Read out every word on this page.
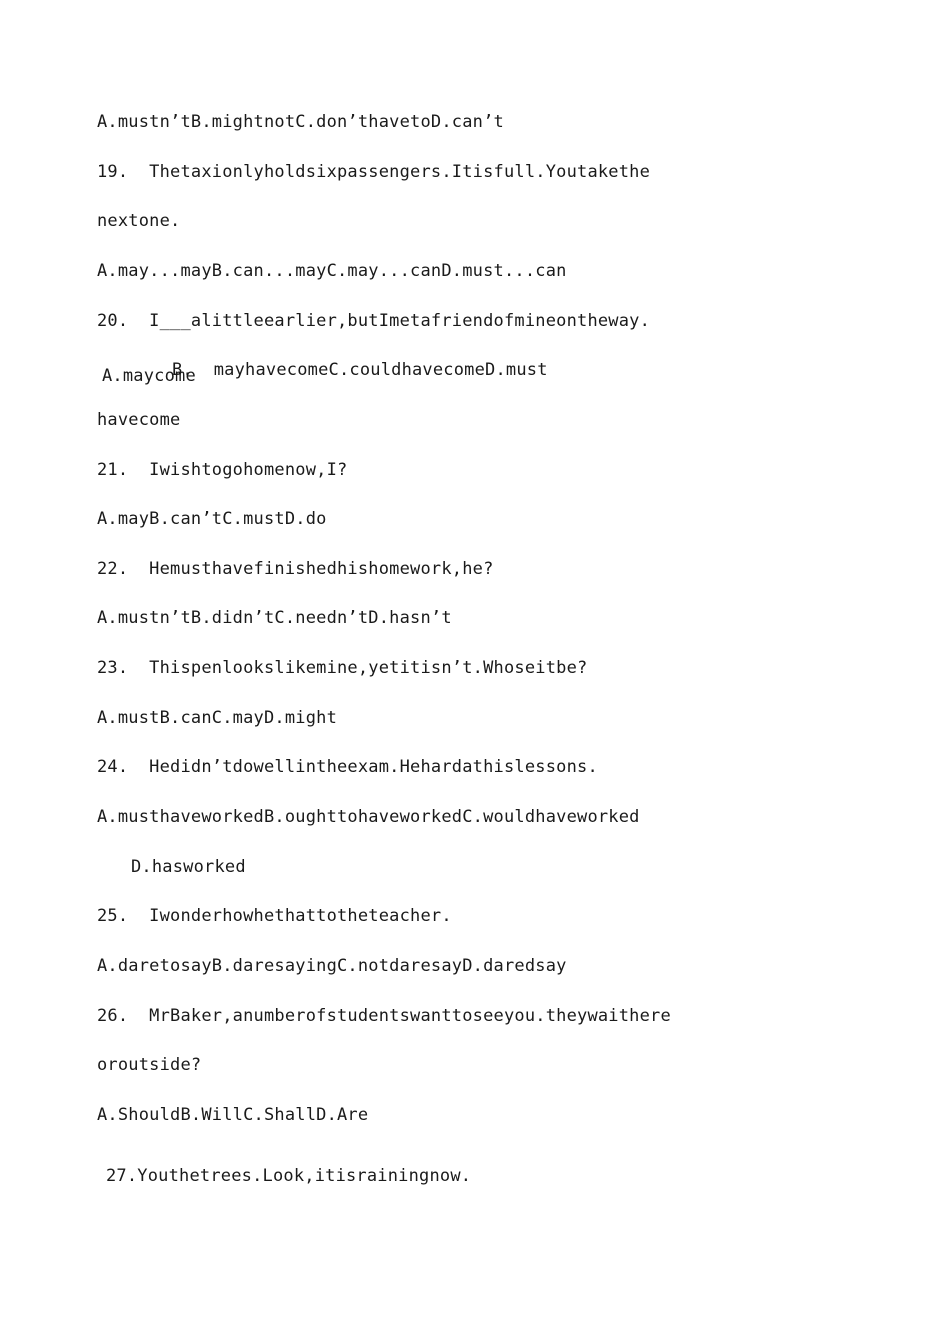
A.mustn’tB.mightnotC.don’thavetoD.can’t
19.  Thetaxionlyholdsixpassengers.Itisfull.Youtakethe
nextone.
A.may...mayB.can...mayC.may...canD.must...can
20.  I___alittleearlier,butImetafriendofmineontheway.
A.maycome
B.  mayhavecomeC.couldhavecomeD.must
havecome
21.  Iwishtogohomenow,I?
A.mayB.can’tC.mustD.do
22.  Hemusthavefinishedhishomework,he?
A.mustn’tB.didn’tC.needn’tD.hasn’t
23.  Thispenlookslikemine,yetitisn’t.Whoseitbe?
A.mustB.canC.mayD.might
24.  Hedidn’tdowellintheexam.Hehardathislessons.
A.musthaveworkedB.oughttohaveworkedC.wouldhaveworked
D.hasworked
25.  Iwonderhowhethattotheteacher.
A.daretosayB.daresayingC.notdaresayD.daredsay
26.  MrBaker,anumberofstudentswanttoseeyou.theywaithere
oroutside?
A.ShouldB.WillC.ShallD.Are
27.Youthetrees.Look,itisrainingnow.
